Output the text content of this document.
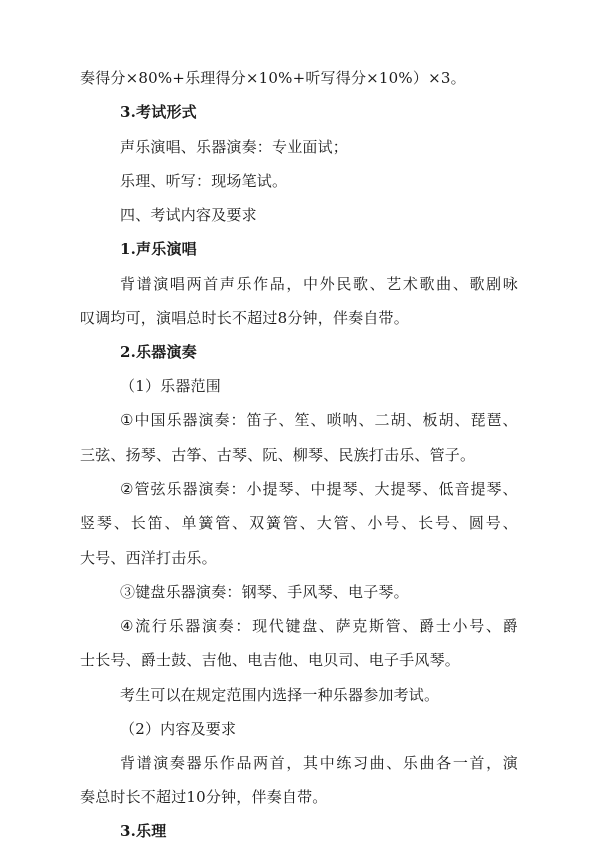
奏得分×80%+乐理得分×10%+听写得分×10%）×3。
3.考试形式
声乐演唱、乐器演奏：专业面试；
乐理、听写：现场笔试。
四、考试内容及要求
1.声乐演唱
背 谱 演 唱 两 首 声 乐 作 品 ， 中 外 民 歌 、 艺 术 歌 曲 、 歌 剧 咏
叹调均可，演唱总时长不超过8分钟，伴奏自带。
2.乐器演奏
（1）乐器范围
① 中 国 乐 器 演 奏 ： 笛 子 、 笙 、 唢 呐 、 二 胡 、 板 胡 、 琵 琶 、
三弦、扬琴、古筝、古琴、阮、柳琴、民族打击乐、管子。
② 管 弦 乐 器 演 奏 ： 小 提 琴 、 中 提 琴 、 大 提 琴 、 低 音 提 琴 、
竖 琴 、 长 笛 、 单 簧 管 、 双 簧 管 、 大 管 、 小 号 、 长 号 、 圆 号 、
大号、西洋打击乐。
③键盘乐器演奏：钢琴、手风琴、电子琴。
④ 流 行 乐 器 演 奏 ： 现 代 键 盘 、 萨 克 斯 管 、 爵 士 小 号 、 爵
士长号、爵士鼓、吉他、电吉他、电贝司、电子手风琴。
考生可以在规定范围内选择一种乐器参加考试。
（2）内容及要求
背 谱 演 奏 器 乐 作 品 两 首 ， 其 中 练 习 曲 、 乐 曲 各 一 首 ， 演
奏总时长不超过10分钟，伴奏自带。
3.乐理
